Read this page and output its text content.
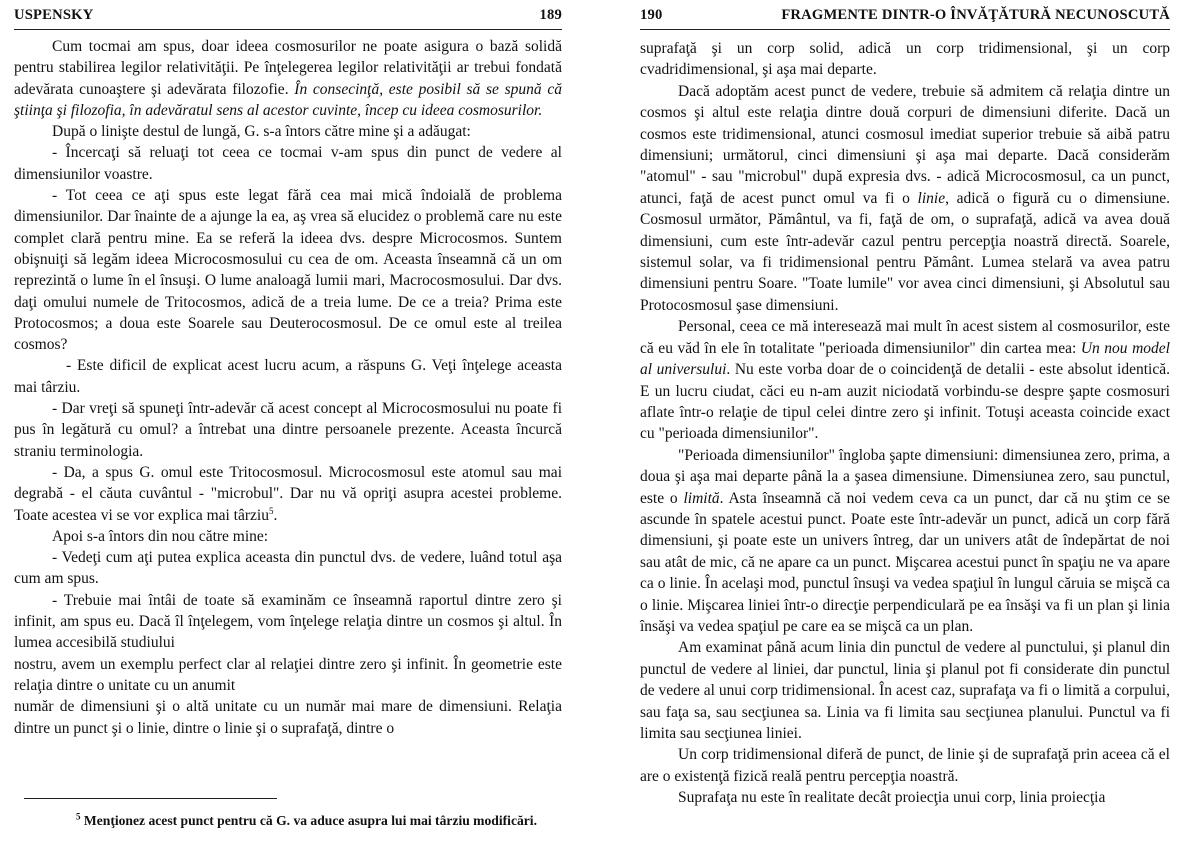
USPENSKY	189

Cum tocmai am spus, doar ideea cosmosurilor ne poate asigura o bază solidă pentru stabilirea legilor relativităţii. Pe înţelegerea legilor relativităţii ar trebui fondată adevărata cunoaştere şi adevărata filozofie. În consecinţă, este posibil să se spună că ştiinţa şi filozofia, în adevăratul sens al acestor cuvinte, încep cu ideea cosmosurilor.

După o linişte destul de lungă, G. s-a întors către mine şi a adăugat:

- Încercaţi să reluaţi tot ceea ce tocmai v-am spus din punct de vedere al dimensiunilor voastre.

- Tot ceea ce aţi spus este legat fără cea mai mică îndoială de problema dimensiunilor. Dar înainte de a ajunge la ea, aş vrea să elucidez o problemă care nu este complet clară pentru mine. Ea se referă la ideea dvs. despre Microcosmos. Suntem obişnuiţi să legăm ideea Microcosmosului cu cea de om. Aceasta înseamnă că un om reprezintă o lume în el însuşi. O lume analoagă lumii mari, Macrocosmosului. Dar dvs. daţi omului numele de Tritocosmos, adică de a treia lume. De ce a treia? Prima este Protocosmos; a doua este Soarele sau Deuterocosmosul. De ce omul este al treilea cosmos?

- Este dificil de explicat acest lucru acum, a răspuns G. Veţi înţelege aceasta mai târziu.

- Dar vreţi să spuneţi într-adevăr că acest concept al Microcosmosului nu poate fi pus în legătură cu omul? a întrebat una dintre persoanele prezente. Aceasta încurcă straniu terminologia.

- Da, a spus G. omul este Tritocosmosul. Microcosmosul este atomul sau mai degrabă - el căuta cuvântul - "microbul". Dar nu vă opriţi asupra acestei probleme. Toate acestea vi se vor explica mai târziu$^5$.

Apoi s-a întors din nou către mine:

- Vedeţi cum aţi putea explica aceasta din punctul dvs. de vedere, luând totul aşa cum am spus.

- Trebuie mai întâi de toate să examinăm ce înseamnă raportul dintre zero şi infinit, am spus eu. Dacă îl înţelegem, vom înţelege relaţia dintre un cosmos şi altul. În lumea accesibilă studiului

nostru, avem un exemplu perfect clar al relaţiei dintre zero şi infinit. În geometrie este relaţia dintre o unitate cu un anumit

număr de dimensiuni şi o altă unitate cu un număr mai mare de dimensiuni. Relaţia dintre un punct şi o linie, dintre o linie şi o suprafaţă, dintre o

$^5$ Menţionez acest punct pentru că G. va aduce asupra lui mai târziu modificări.
190	FRAGMENTE DINTR-O ÎNVĂŢĂTURĂ NECUNOSCUTĂ

suprafaţă şi un corp solid, adică un corp tridimensional, şi un corp cvadridimensional, şi aşa mai departe.

Dacă adoptăm acest punct de vedere, trebuie să admitem că relaţia dintre un cosmos şi altul este relaţia dintre două corpuri de dimensiuni diferite. Dacă un cosmos este tridimensional, atunci cosmosul imediat superior trebuie să aibă patru dimensiuni; următorul, cinci dimensiuni şi aşa mai departe. Dacă considerăm "atomul" - sau "microbul" după expresia dvs. - adică Microcosmosul, ca un punct, atunci, faţă de acest punct omul va fi o linie, adică o figură cu o dimensiune. Cosmosul următor, Pământul, va fi, faţă de om, o suprafaţă, adică va avea două dimensiuni, cum este într-adevăr cazul pentru percepţia noastră directă. Soarele, sistemul solar, va fi tridimensional pentru Pământ. Lumea stelară va avea patru dimensiuni pentru Soare. "Toate lumile" vor avea cinci dimensiuni, şi Absolutul sau Protocosmosul şase dimensiuni.

Personal, ceea ce mă interesează mai mult în acest sistem al cosmosurilor, este că eu văd în ele în totalitate "perioada dimensiunilor" din cartea mea: Un nou model al universului. Nu este vorba doar de o coincidenţă de detalii - este absolut identică. E un lucru ciudat, căci eu n-am auzit niciodată vorbindu-se despre şapte cosmosuri aflate într-o relaţie de tipul celei dintre zero şi infinit. Totuşi aceasta coincide exact cu "perioada dimensiunilor".

"Perioada dimensiunilor" îngloba şapte dimensiuni: dimensiunea zero, prima, a doua şi aşa mai departe până la a şasea dimensiune. Dimensiunea zero, sau punctul, este o limită. Asta înseamnă că noi vedem ceva ca un punct, dar că nu ştim ce se ascunde în spatele acestui punct. Poate este într-adevăr un punct, adică un corp fără dimensiuni, şi poate este un univers întreg, dar un univers atât de îndepărtat de noi sau atât de mic, că ne apare ca un punct. Mişcarea acestui punct în spaţiu ne va apare ca o linie. În acelaşi mod, punctul însuşi va vedea spaţiul în lungul căruia se mişcă ca o linie. Mişcarea liniei într-o direcţie perpendiculară pe ea însăşi va fi un plan şi linia însăşi va vedea spaţiul pe care ea se mişcă ca un plan.

Am examinat până acum linia din punctul de vedere al punctului, şi planul din punctul de vedere al liniei, dar punctul, linia şi planul pot fi considerate din punctul de vedere al unui corp tridimensional. În acest caz, suprafaţa va fi o limită a corpului, sau faţa sa, sau secţiunea sa. Linia va fi limita sau secţiunea planului. Punctul va fi limita sau secţiunea liniei.

Un corp tridimensional diferă de punct, de linie şi de suprafaţă prin aceea că el are o existenţă fizică reală pentru percepţia noastră.

Suprafaţa nu este în realitate decât proiecţia unui corp, linia proiecţia
